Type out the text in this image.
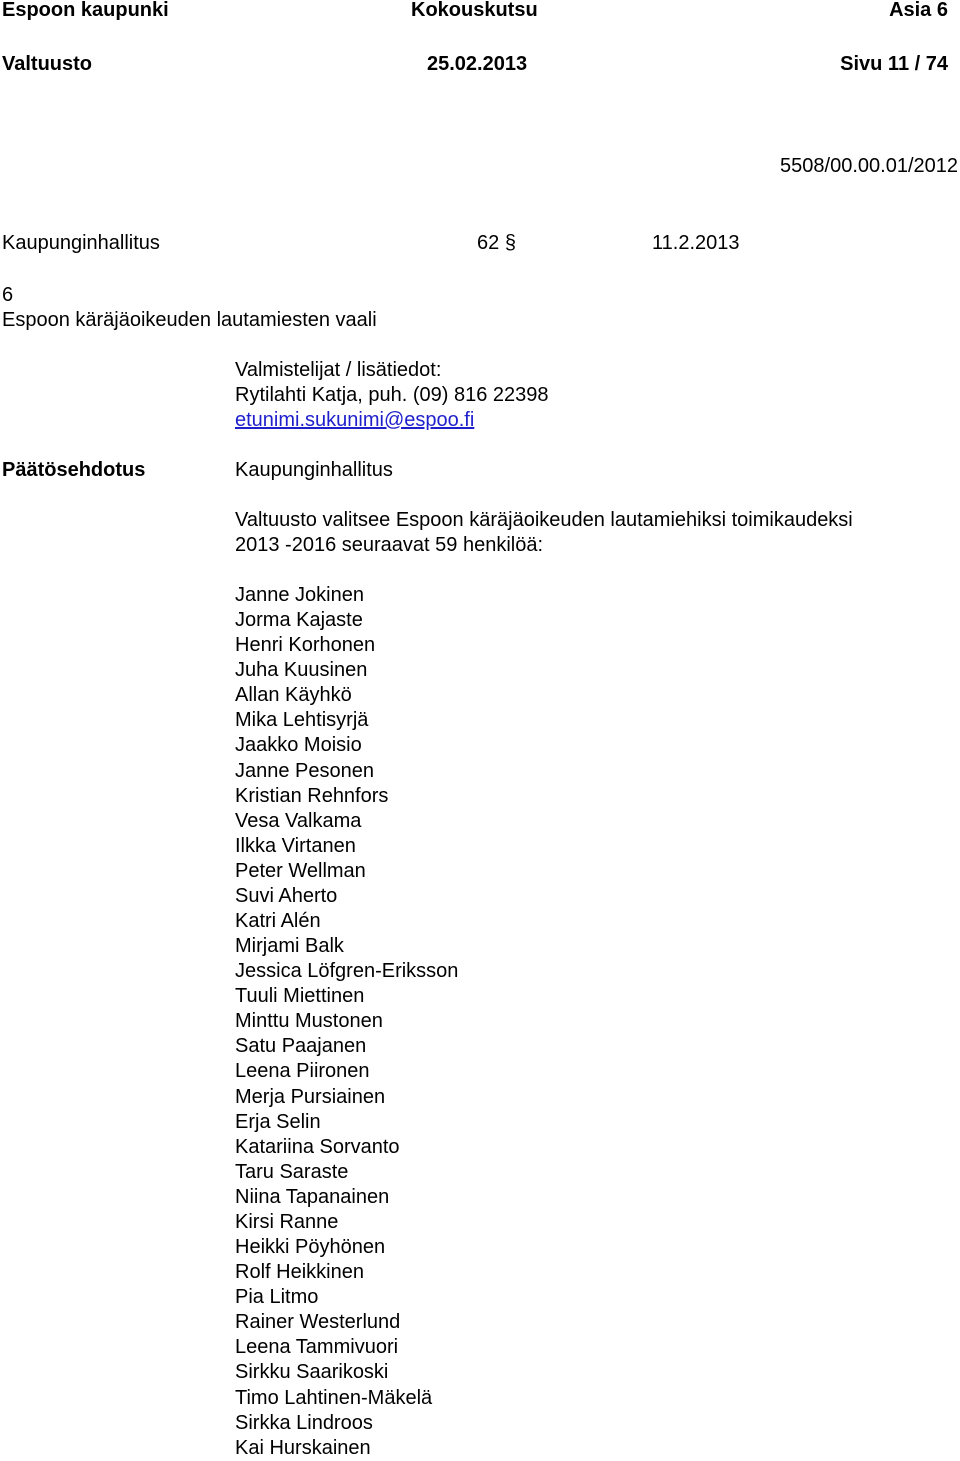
Espoon kaupunki	Kokouskutsu	Asia 6
Valtuusto	25.02.2013	Sivu 11 / 74
5508/00.00.01/2012
Kaupunginhallitus	62 §	11.2.2013
6
Espoon käräjäoikeuden lautamiesten vaali
Valmistelijat / lisätiedot:
Rytilahti Katja, puh. (09) 816 22398
etunimi.sukunimi@espoo.fi
Päätösehdotus	Kaupunginhallitus
Valtuusto valitsee Espoon käräjäoikeuden lautamiehiksi toimikaudeksi
2013 -2016 seuraavat 59 henkilöä:
Janne Jokinen
Jorma Kajaste
Henri Korhonen
Juha Kuusinen
Allan Käyhkö
Mika Lehtisyrjä
Jaakko Moisio
Janne Pesonen
Kristian Rehnfors
Vesa Valkama
Ilkka Virtanen
Peter Wellman
Suvi Aherto
Katri Alén
Mirjami Balk
Jessica Löfgren-Eriksson
Tuuli Miettinen
Minttu Mustonen
Satu Paajanen
Leena Piironen
Merja Pursiainen
Erja Selin
Katariina Sorvanto
Taru Saraste
Niina Tapanainen
Kirsi Ranne
Heikki Pöyhönen
Rolf Heikkinen
Pia Litmo
Rainer Westerlund
Leena Tammivuori
Sirkku Saarikoski
Timo Lahtinen-Mäkelä
Sirkka Lindroos
Kai Hurskainen
